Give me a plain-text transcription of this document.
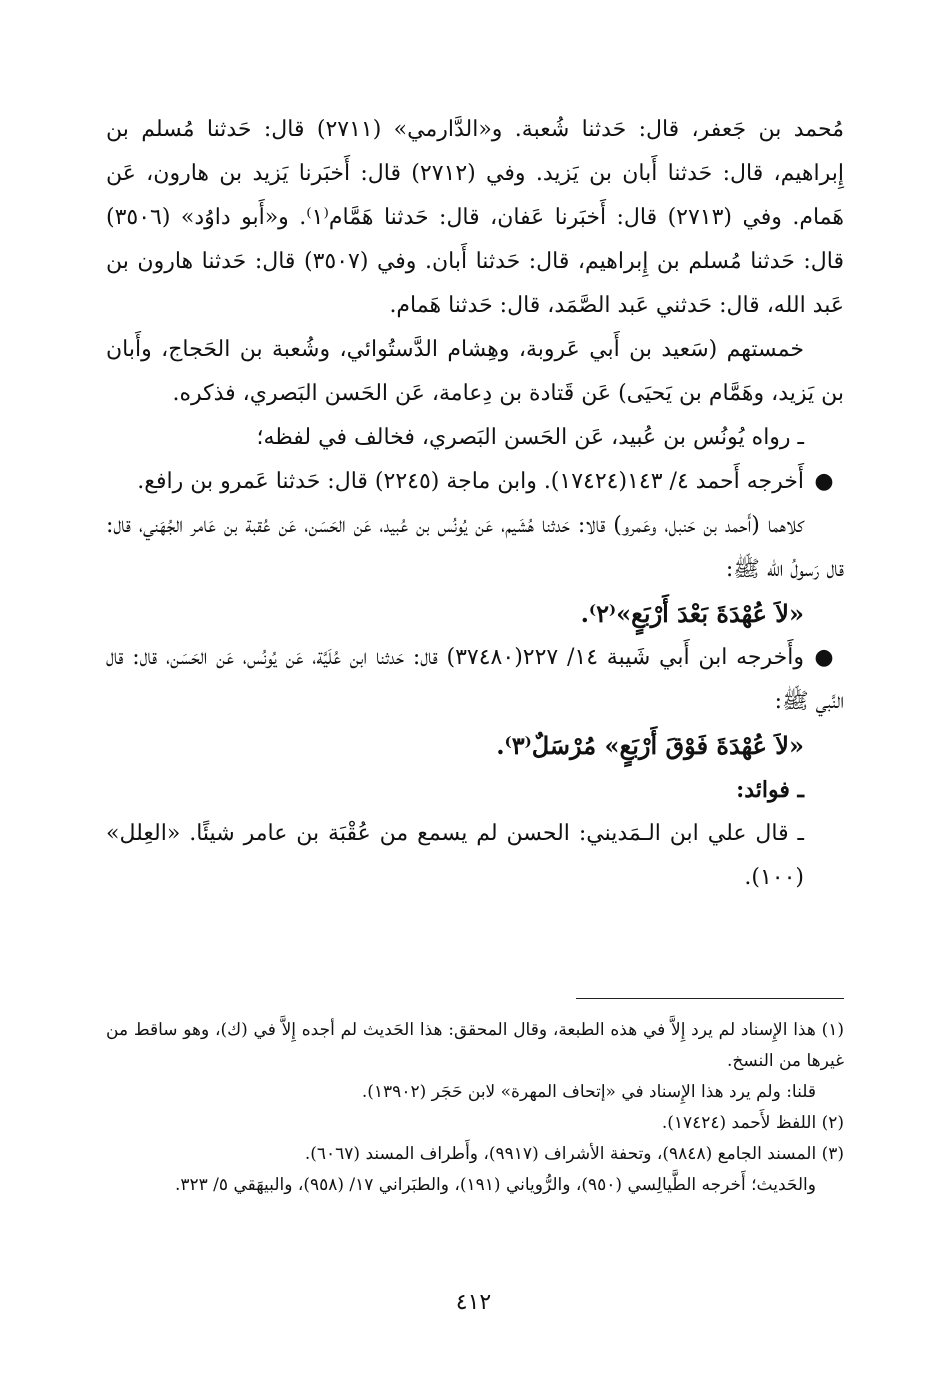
مُحمد بن جَعفر، قال: حَدثنا شُعبة. و«الدَّارمي» (٢٧١١) قال: حَدثنا مُسلم بن إِبراهيم، قال: حَدثنا أَبان بن يَزيد. وفي (٢٧١٢) قال: أَخبَرنا يَزيد بن هارون، عَن هَمام. وفي (٢٧١٣) قال: أَخبَرنا عَفان، قال: حَدثنا هَمَّام⁽١⁾. و«أَبو داوُد» (٣٥٠٦) قال: حَدثنا مُسلم بن إِبراهيم، قال: حَدثنا أَبان. وفي (٣٥٠٧) قال: حَدثنا هارون بن عَبد الله، قال: حَدثني عَبد الصَّمَد، قال: حَدثنا هَمام.

خمستهم (سَعيد بن أَبي عَروبة، وهِشام الدَّستُوائي، وشُعبة بن الحَجاج، وأَبان بن يَزيد، وهَمَّام بن يَحيَى) عَن قَتادة بن دِعامة، عَن الحَسن البَصري، فذكره.

ـ رواه يُونُس بن عُبيد، عَن الحَسن البَصري، فخالف في لفظه؛

●أَخرجه أَحمد ٤/ ١٤٣(١٧٤٢٤). وابن ماجة (٢٢٤٥) قال: حَدثنا عَمرو بن رافع.

كلاهما (أَحمد بن حَنبل، وعَمرو) قالا: حَدثنا هُشَيم، عَن يُونُس بن عُبيد، عَن الحَسَن، عَن عُقبة بن عَامر الجُهَني، قال: قال رَسولُ الله ﷺ:

«لاَ عُهْدَةَ بَعْدَ أَرْبَعٍ»⁽٢⁾.

●وأَخرجه ابن أَبي شَيبة ١٤/ ٢٢٧(٣٧٤٨٠) قال: حَدثنا ابن عُلَيَّة، عَن يُونُس، عَن الحَسَن، قال: قال النَّبي ﷺ:

«لاَ عُهْدَةَ فَوْقَ أَرْبَعٍ» مُرْسَلٌ⁽٣⁾.

ـ فوائد:

ـ قال علي ابن الـمَديني: الحسن لم يسمع من عُقْبَة بن عامر شيئًا. «العِلل» (١٠٠).

(١) هذا الإِسناد لم يرد إِلاَّ في هذه الطبعة، وقال المحقق: هذا الحَديث لم أجده إِلاَّ في (ك)، وهو ساقط من غيرها من النسخ.

قلنا: ولم يرد هذا الإِسناد في «إتحاف المهرة» لابن حَجَر (١٣٩٠٢).

(٢) اللفظ لأَحمد (١٧٤٢٤).

(٣) المسند الجامع (٩٨٤٨)، وتحفة الأشراف (٩٩١٧)، وأَطراف المسند (٦٠٦٧).

والحَديث؛ أَخرجه الطَّيالِسي (٩٥٠)، والرُّوياني (١٩١)، والطبَراني ١٧/ (٩٥٨)، والبيهَقي ٥/ ٣٢٣.

٤١٢
